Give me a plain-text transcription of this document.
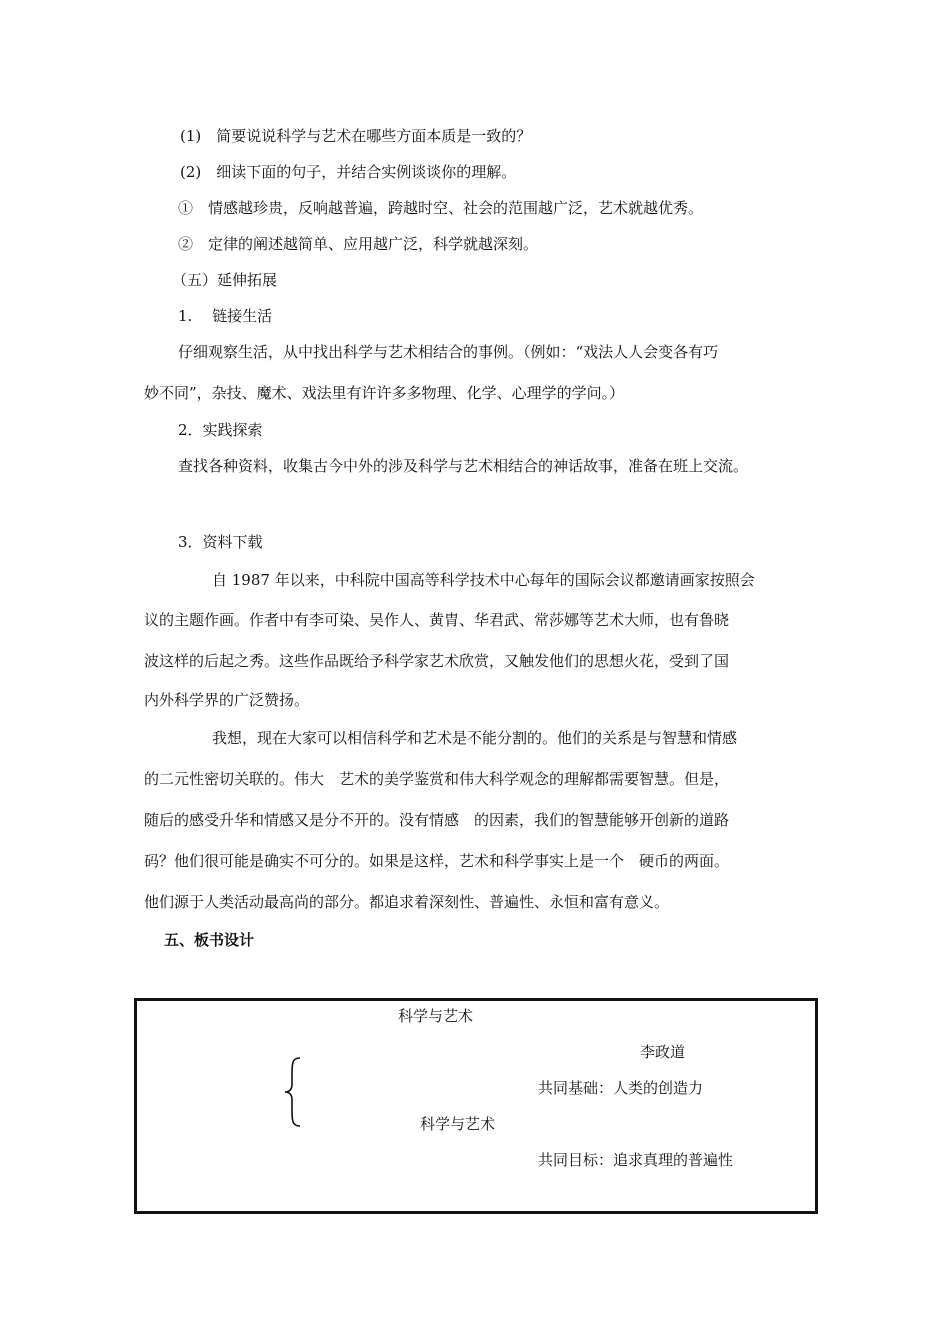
(1)　简要说说科学与艺术在哪些方面本质是一致的？
(2)　细读下面的句子，并结合实例谈谈你的理解。
①　情感越珍贵，反响越普遍，跨越时空、社会的范围越广泛，艺术就越优秀。
②　定律的阐述越简单、应用越广泛，科学就越深刻。
（五）延伸拓展
1.　 链接生活
仔细观察生活，从中找出科学与艺术相结合的事例。（例如：“戏法人人会变各有巧
妙不同”，杂技、魔术、戏法里有许许多多物理、化学、心理学的学问。）
2．实践探索
查找各种资料，收集古今中外的涉及科学与艺术相结合的神话故事，准备在班上交流。
3．资料下载
自 1987 年以来，中科院中国高等科学技术中心每年的国际会议都邀请画家按照会
议的主题作画。作者中有李可染、吴作人、黄胄、华君武、常莎娜等艺术大师，也有鲁晓
波这样的后起之秀。这些作品既给予科学家艺术欣赏，又触发他们的思想火花，受到了国
内外科学界的广泛赞扬。
我想，现在大家可以相信科学和艺术是不能分割的。他们的关系是与智慧和情感
的二元性密切关联的。伟大　艺术的美学鉴赏和伟大科学观念的理解都需要智慧。但是，
随后的感受升华和情感又是分不开的。没有情感　的因素，我们的智慧能够开创新的道路
码？他们很可能是确实不可分的。如果是这样，艺术和科学事实上是一个　硬币的两面。
他们源于人类活动最高尚的部分。都追求着深刻性、普遍性、永恒和富有意义。
五、板书设计
科学与艺术
李政道
共同基础：人类的创造力
科学与艺术
共同目标：追求真理的普遍性
